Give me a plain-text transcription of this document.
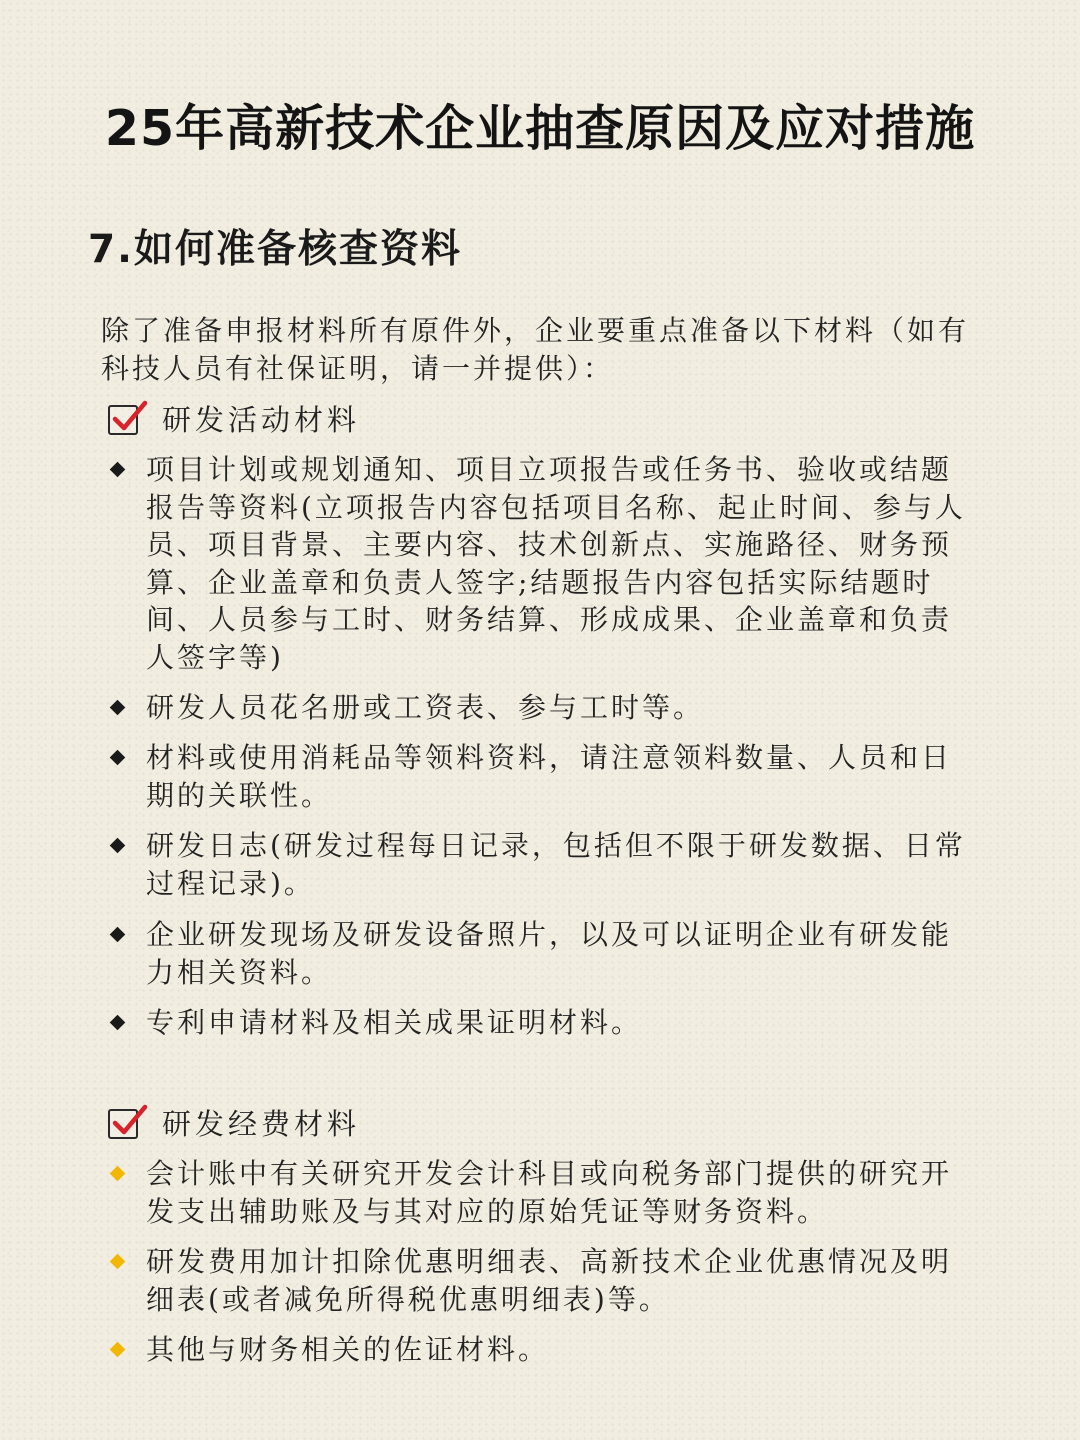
25年高新技术企业抽查原因及应对措施
7.如何准备核查资料
除了准备申报材料所有原件外，企业要重点准备以下材料（如有科技人员有社保证明，请一并提供）：
研发活动材料
项目计划或规划通知、项目立项报告或任务书、验收或结题报告等资料(立项报告内容包括项目名称、起止时间、参与人员、项目背景、主要内容、技术创新点、实施路径、财务预算、企业盖章和负责人签字;结题报告内容包括实际结题时间、人员参与工时、财务结算、形成成果、企业盖章和负责人签字等)
研发人员花名册或工资表、参与工时等。
材料或使用消耗品等领料资料，请注意领料数量、人员和日期的关联性。
研发日志(研发过程每日记录，包括但不限于研发数据、日常过程记录)。
企业研发现场及研发设备照片，以及可以证明企业有研发能力相关资料。
专利申请材料及相关成果证明材料。
研发经费材料
会计账中有关研究开发会计科目或向税务部门提供的研究开发支出辅助账及与其对应的原始凭证等财务资料。
研发费用加计扣除优惠明细表、高新技术企业优惠情况及明细表(或者减免所得税优惠明细表)等。
其他与财务相关的佐证材料。
